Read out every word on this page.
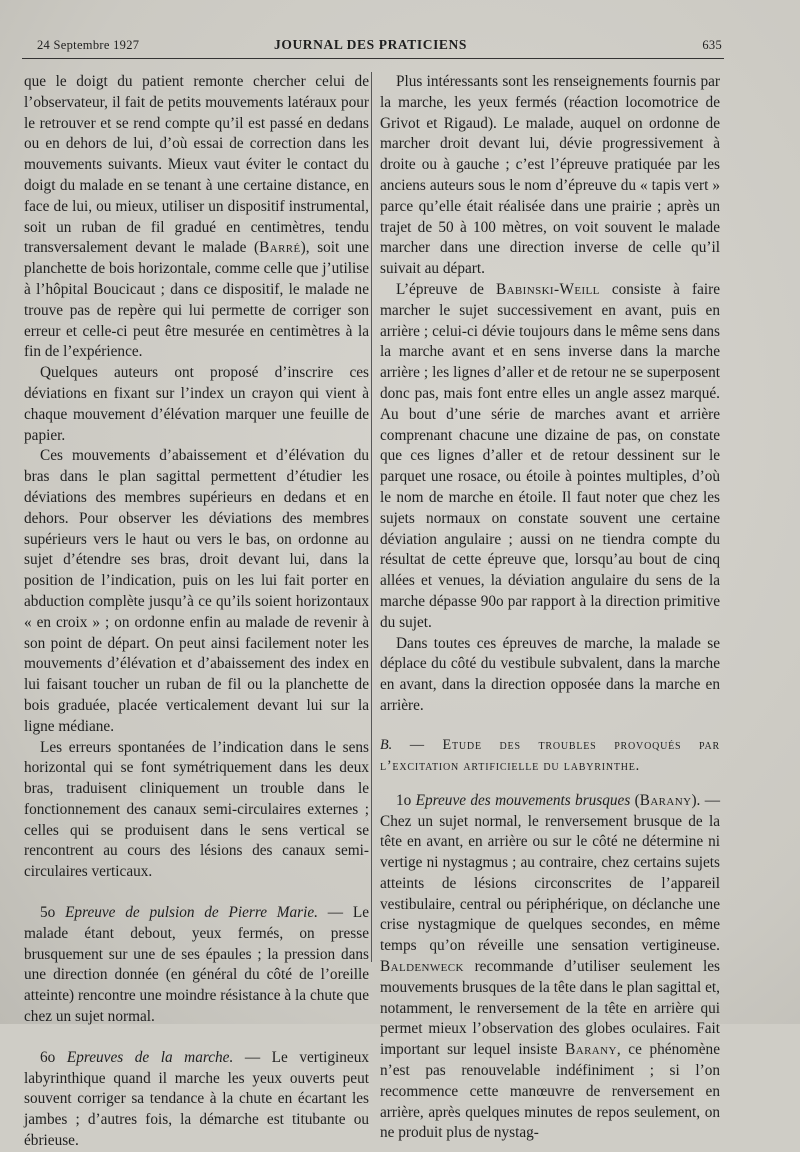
24 Septembre 1927	JOURNAL DES PRATICIENS	635

que le doigt du patient remonte chercher celui de l’observateur, il fait de petits mouvements latéraux pour le retrouver et se rend compte qu’il est passé en dedans ou en dehors de lui, d’où essai de correction dans les mouvements suivants. Mieux vaut éviter le contact du doigt du malade en se tenant à une certaine distance, en face de lui, ou mieux, utiliser un dispositif instrumental, soit un ruban de fil gradué en centimètres, tendu transversalement devant le malade (Barré), soit une planchette de bois horizontale, comme celle que j’utilise à l’hôpital Boucicaut ; dans ce dispositif, le malade ne trouve pas de repère qui lui permette de corriger son erreur et celle-ci peut être mesurée en centimètres à la fin de l’expérience.

Quelques auteurs ont proposé d’inscrire ces déviations en fixant sur l’index un crayon qui vient à chaque mouvement d’élévation marquer une feuille de papier.

Ces mouvements d’abaissement et d’élévation du bras dans le plan sagittal permettent d’étudier les déviations des membres supérieurs en dedans et en dehors. Pour observer les déviations des membres supérieurs vers le haut ou vers le bas, on ordonne au sujet d’étendre ses bras, droit devant lui, dans la position de l’indication, puis on les lui fait porter en abduction complète jusqu’à ce qu’ils soient horizontaux « en croix » ; on ordonne enfin au malade de revenir à son point de départ. On peut ainsi facilement noter les mouvements d’élévation et d’abaissement des index en lui faisant toucher un ruban de fil ou la planchette de bois graduée, placée verticalement devant lui sur la ligne médiane.

Les erreurs spontanées de l’indication dans le sens horizontal qui se font symétriquement dans les deux bras, traduisent cliniquement un trouble dans le fonctionnement des canaux semi-circulaires externes ; celles qui se produisent dans le sens vertical se rencontrent au cours des lésions des canaux semi-circulaires verticaux.

5o Epreuve de pulsion de Pierre Marie. — Le malade étant debout, yeux fermés, on presse brusquement sur une de ses épaules ; la pression dans une direction donnée (en général du côté de l’oreille atteinte) rencontre une moindre résistance à la chute que chez un sujet normal.

6o Epreuves de la marche. — Le vertigineux labyrinthique quand il marche les yeux ouverts peut souvent corriger sa tendance à la chute en écartant les jambes ; d’autres fois, la démarche est titubante ou ébrieuse.

Plus intéressants sont les renseignements fournis par la marche, les yeux fermés (réaction locomotrice de Grivot et Rigaud). Le malade, auquel on ordonne de marcher droit devant lui, dévie progressivement à droite ou à gauche ; c’est l’épreuve pratiquée par les anciens auteurs sous le nom d’épreuve du « tapis vert » parce qu’elle était réalisée dans une prairie ; après un trajet de 50 à 100 mètres, on voit souvent le malade marcher dans une direction inverse de celle qu’il suivait au départ.

L’épreuve de Babinski-Weill consiste à faire marcher le sujet successivement en avant, puis en arrière ; celui-ci dévie toujours dans le même sens dans la marche avant et en sens inverse dans la marche arrière ; les lignes d’aller et de retour ne se superposent donc pas, mais font entre elles un angle assez marqué. Au bout d’une série de marches avant et arrière comprenant chacune une dizaine de pas, on constate que ces lignes d’aller et de retour dessinent sur le parquet une rosace, ou étoile à pointes multiples, d’où le nom de marche en étoile. Il faut noter que chez les sujets normaux on constate souvent une certaine déviation angulaire ; aussi on ne tiendra compte du résultat de cette épreuve que, lorsqu’au bout de cinq allées et venues, la déviation angulaire du sens de la marche dépasse 90o par rapport à la direction primitive du sujet.

Dans toutes ces épreuves de marche, la malade se déplace du côté du vestibule subvalent, dans la marche en avant, dans la direction opposée dans la marche en arrière.

B. — Etude des troubles provoqués par l’excitation artificielle du labyrinthe.

1o Epreuve des mouvements brusques (Barany). — Chez un sujet normal, le renversement brusque de la tête en avant, en arrière ou sur le côté ne détermine ni vertige ni nystagmus ; au contraire, chez certains sujets atteints de lésions circonscrites de l’appareil vestibulaire, central ou périphérique, on déclanche une crise nystagmique de quelques secondes, en même temps qu’on réveille une sensation vertigineuse. Baldenweck recommande d’utiliser seulement les mouvements brusques de la tête dans le plan sagittal et, notamment, le renversement de la tête en arrière qui permet mieux l’observation des globes oculaires. Fait important sur lequel insiste Barany, ce phénomène n’est pas renouvelable indéfiniment ; si l’on recommence cette manœuvre de renversement en arrière, après quelques minutes de repos seulement, on ne produit plus de nystag-
